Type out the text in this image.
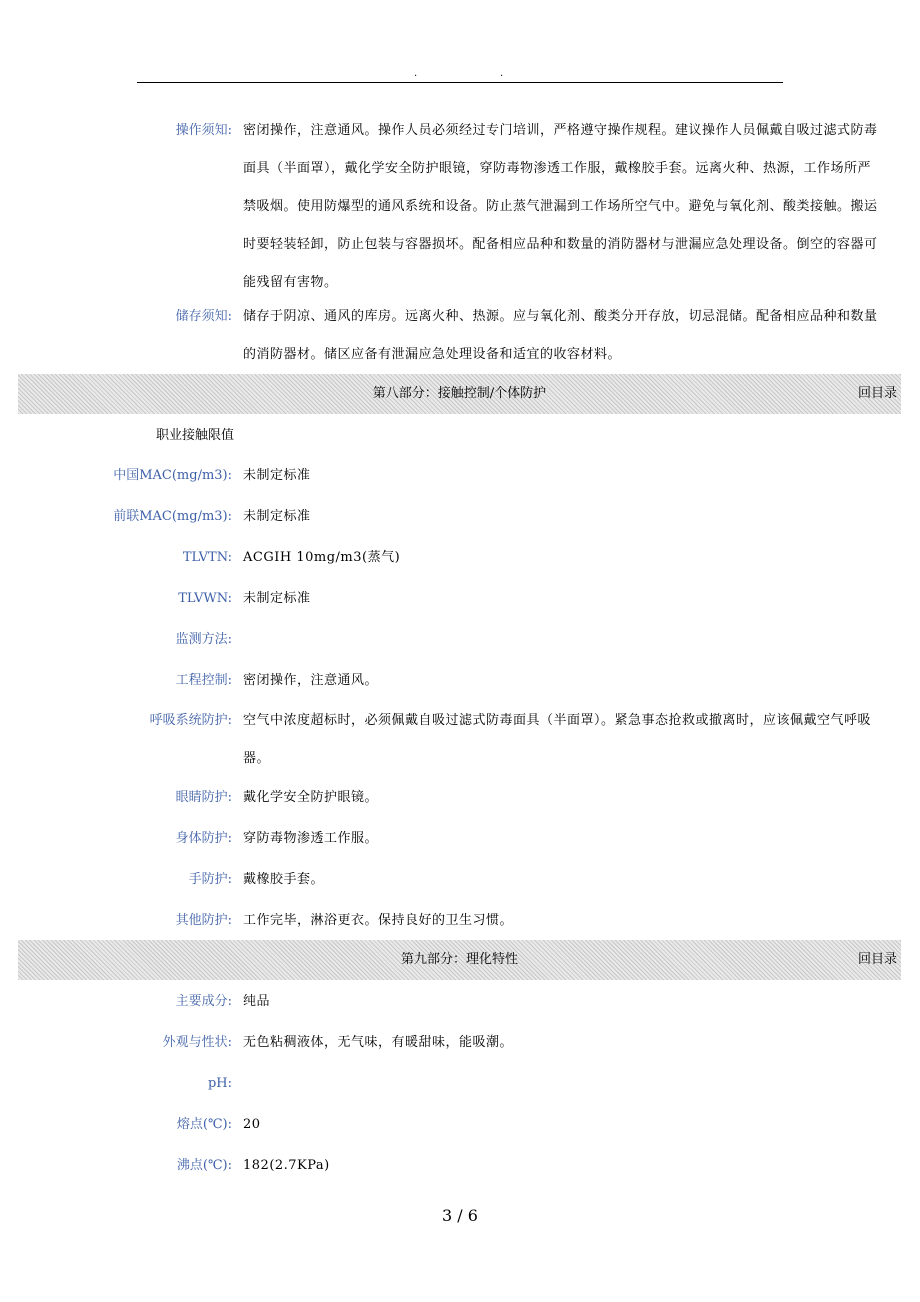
.	.
操作须知: 密闭操作，注意通风。操作人员必须经过专门培训，严格遵守操作规程。建议操作人员佩戴自吸过滤式防毒
面具（半面罩），戴化学安全防护眼镜，穿防毒物渗透工作服，戴橡胶手套。远离火种、热源，工作场所严
禁吸烟。使用防爆型的通风系统和设备。防止蒸气泄漏到工作场所空气中。避免与氧化剂、酸类接触。搬运
时要轻装轻卸，防止包装与容器损坏。配备相应品种和数量的消防器材与泄漏应急处理设备。倒空的容器可
能残留有害物。
储存须知: 储存于阴凉、通风的库房。远离火种、热源。应与氧化剂、酸类分开存放，切忌混储。配备相应品种和数量
的消防器材。储区应备有泄漏应急处理设备和适宜的收容材料。
第八部分：接触控制/个体防护	回目录
职业接触限值
中国MAC(mg/m3): 未制定标准
前联MAC(mg/m3): 未制定标准
TLVTN: ACGIH 10mg/m3(蒸气)
TLVWN: 未制定标准
监测方法:
工程控制: 密闭操作，注意通风。
呼吸系统防护: 空气中浓度超标时，必须佩戴自吸过滤式防毒面具（半面罩）。紧急事态抢救或撤离时，应该佩戴空气呼吸
器。
眼睛防护: 戴化学安全防护眼镜。
身体防护: 穿防毒物渗透工作服。
手防护: 戴橡胶手套。
其他防护: 工作完毕，淋浴更衣。保持良好的卫生习惯。
第九部分：理化特性	回目录
主要成分: 纯品
外观与性状: 无色粘稠液体，无气味，有暖甜味，能吸潮。
pH:
熔点(℃): 20
沸点(℃): 182(2.7KPa)
3 / 6
